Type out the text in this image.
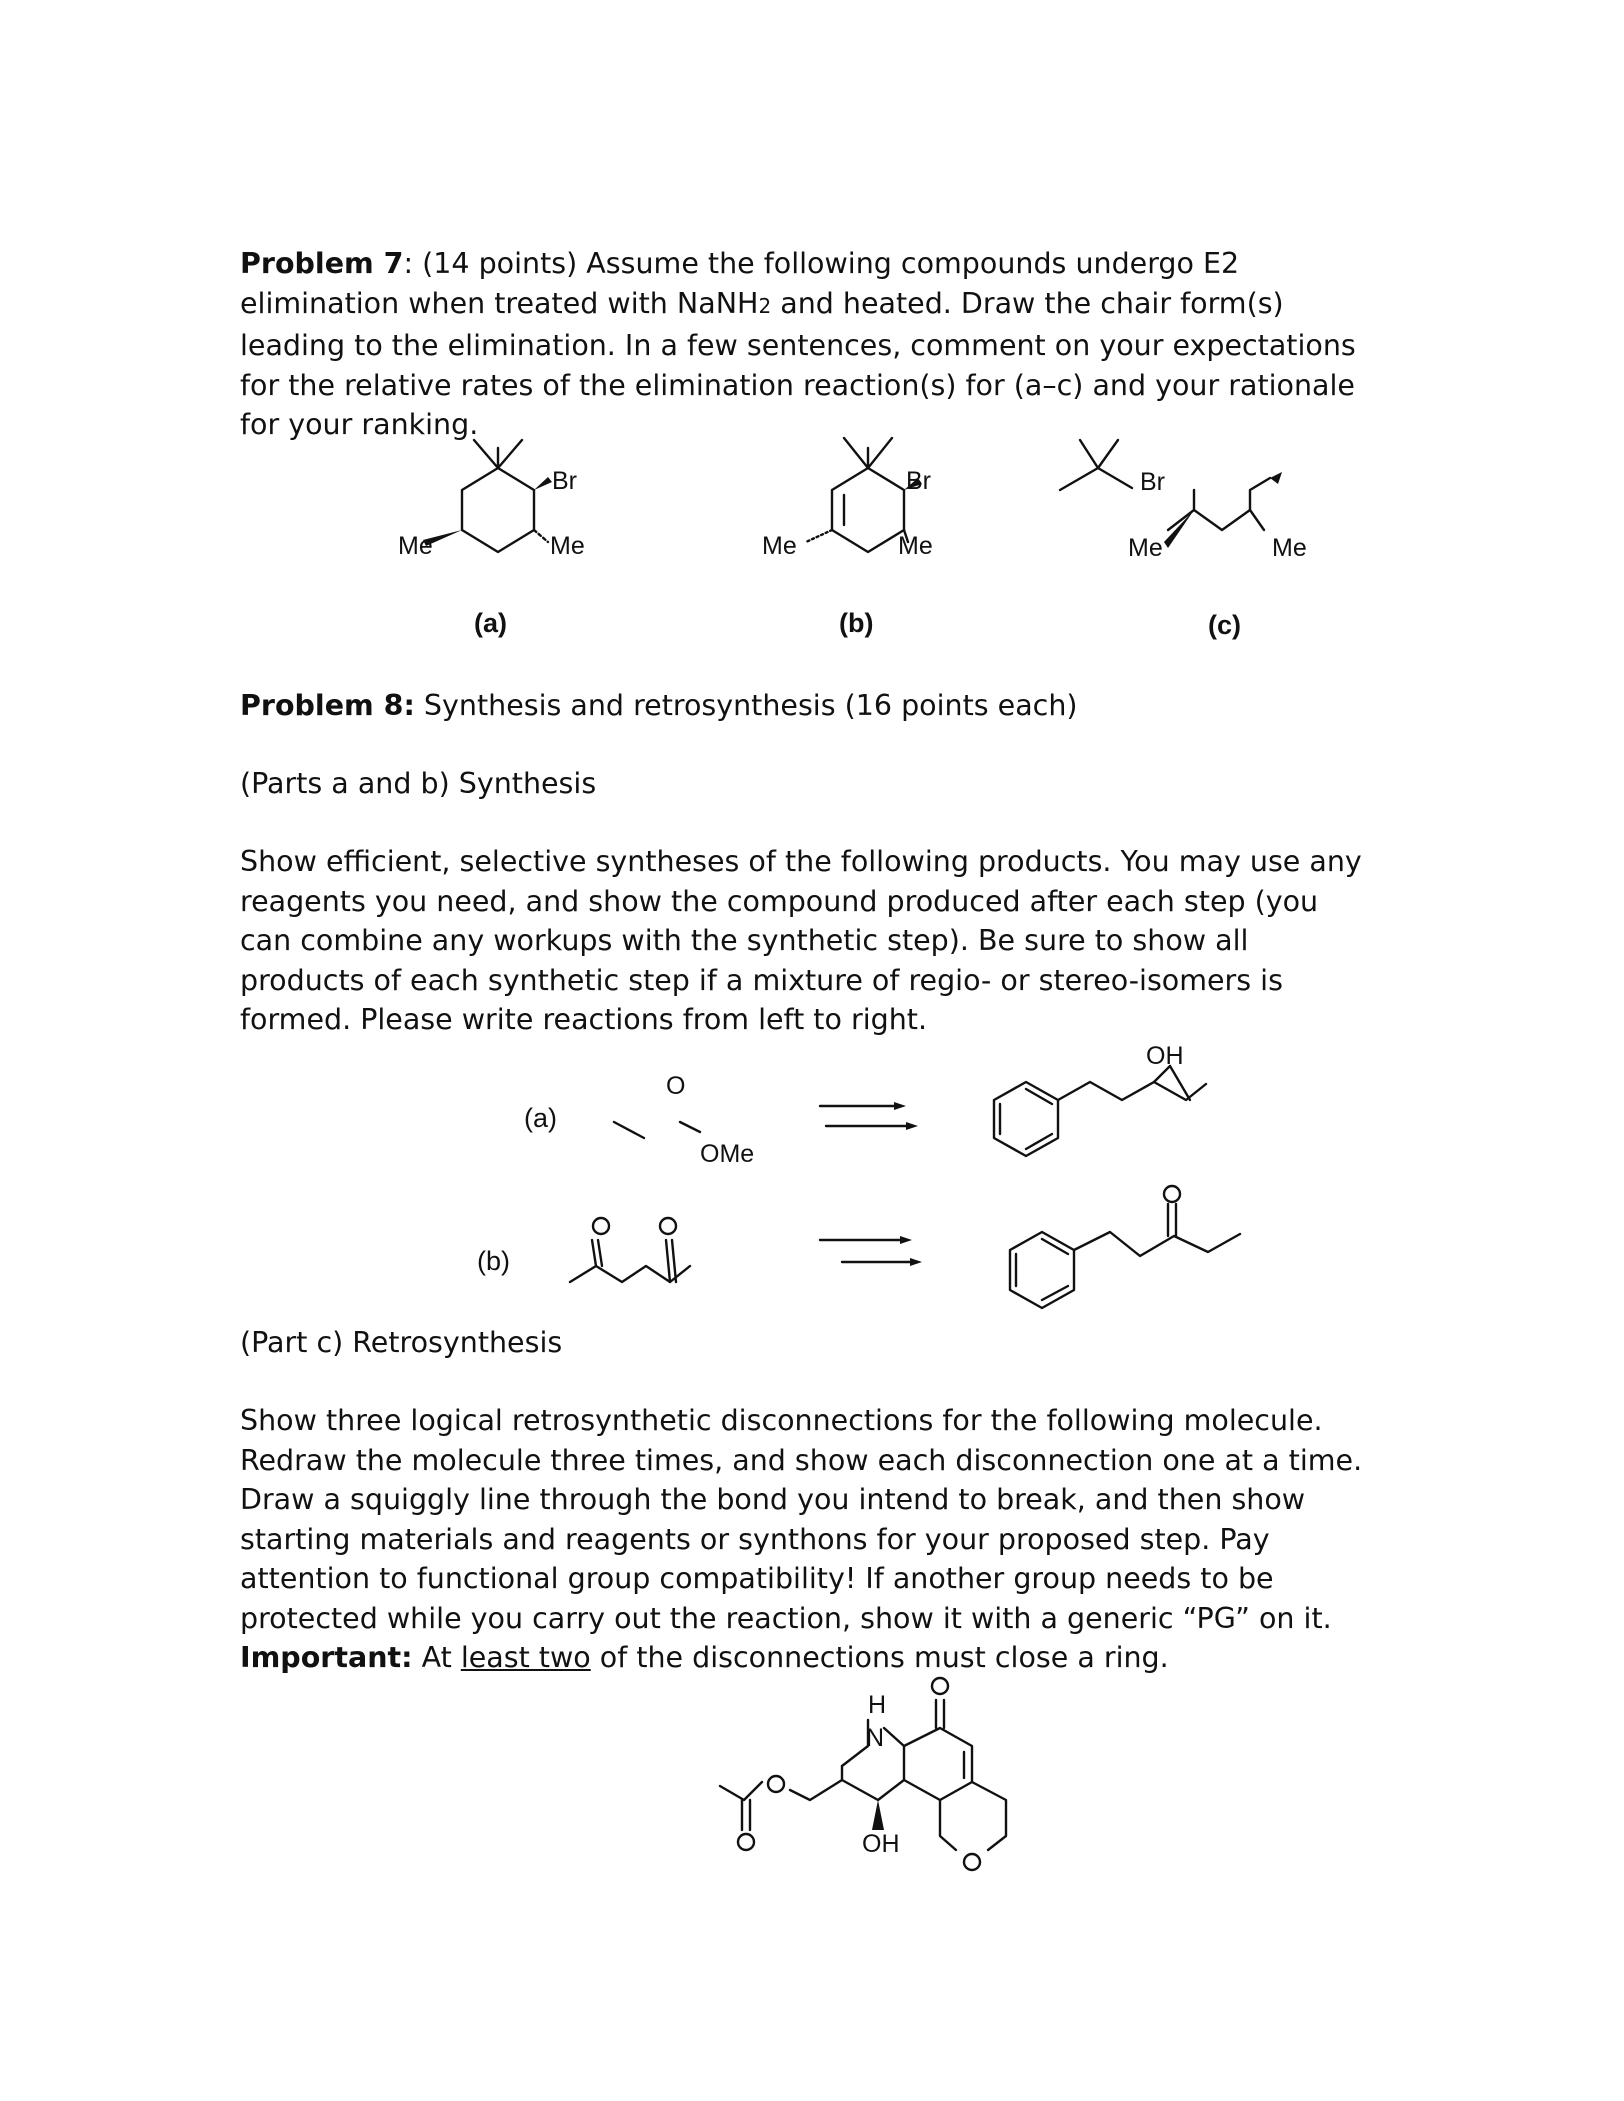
Problem 7: (14 points) Assume the following compounds undergo E2 elimination when treated with NaNH2 and heated. Draw the chair form(s) leading to the elimination. In a few sentences, comment on your expectations for the relative rates of the elimination reaction(s) for (a–c) and your rationale for your ranking.

Br
Me
Me
Br
Me
Me
Br
Me	Me
(a)	(b)	(c)

Problem 8: Synthesis and retrosynthesis (16 points each)

(Parts a and b) Synthesis

Show efficient, selective syntheses of the following products. You may use any reagents you need, and show the compound produced after each step (you can combine any workups with the synthetic step). Be sure to show all products of each synthetic step if a mixture of regio- or stereo-isomers is formed. Please write reactions from left to right.

(a)
(b)
O
OMe
OH

(Part c) Retrosynthesis

Show three logical retrosynthetic disconnections for the following molecule. Redraw the molecule three times, and show each disconnection one at a time. Draw a squiggly line through the bond you intend to break, and then show starting materials and reagents or synthons for your proposed step. Pay attention to functional group compatibility! If another group needs to be protected while you carry out the reaction, show it with a generic “PG” on it. Important: At least two of the disconnections must close a ring.

H
N
OH
